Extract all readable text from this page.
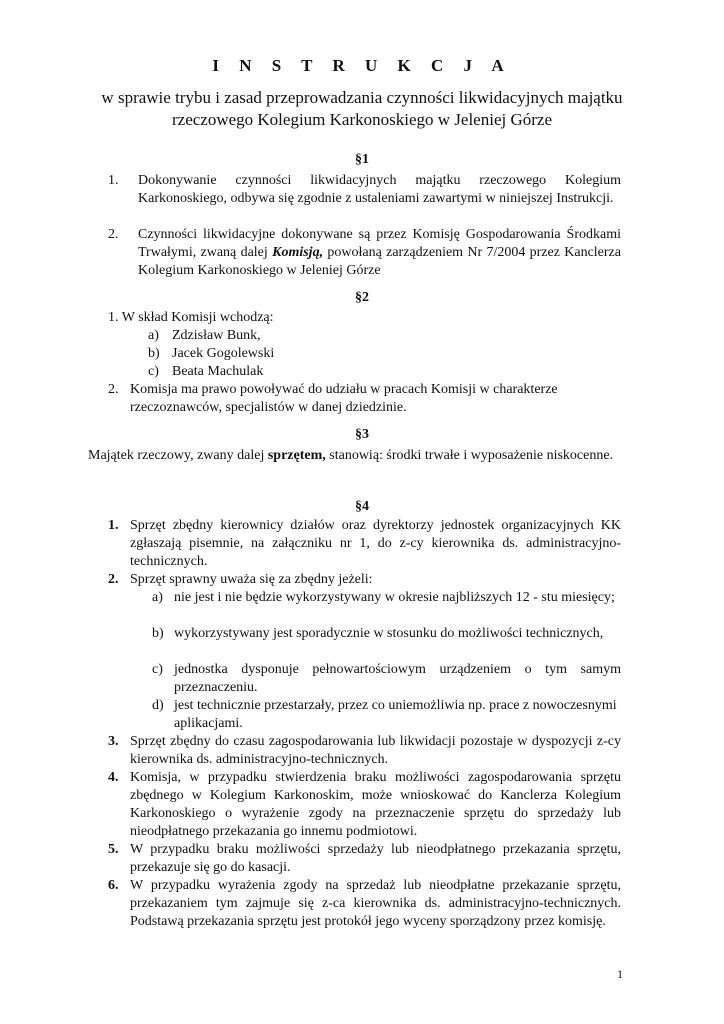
I N S T R U K C J A
w sprawie trybu i zasad przeprowadzania czynności likwidacyjnych majątku rzeczowego Kolegium Karkonoskiego w Jeleniej Górze
§1
1. Dokonywanie czynności likwidacyjnych majątku rzeczowego Kolegium Karkonoskiego, odbywa się zgodnie z ustaleniami zawartymi w niniejszej Instrukcji.
2. Czynności likwidacyjne dokonywane są przez Komisję Gospodarowania Środkami Trwałymi, zwaną dalej Komisją, powołaną zarządzeniem Nr 7/2004 przez Kanclerza Kolegium Karkonoskiego w Jeleniej Górze
§2
1. W skład Komisji wchodzą:
a) Zdzisław Bunk,
b) Jacek Gogolewski
c) Beata Machulak
2. Komisja ma prawo powoływać do udziału w pracach Komisji w charakterze rzeczoznawców, specjalistów w danej dziedzinie.
§3
Majątek rzeczowy, zwany dalej sprzętem, stanowią: środki trwałe i wyposażenie niskocenne.
§4
1. Sprzęt zbędny kierownicy działów oraz dyrektorzy jednostek organizacyjnych KK zgłaszają pisemnie, na załączniku nr 1, do z-cy kierownika ds. administracyjno-technicznych.
2. Sprzęt sprawny uważa się za zbędny jeżeli:
a) nie jest i nie będzie wykorzystywany w okresie najbliższych 12 - stu miesięcy;
b) wykorzystywany jest sporadycznie w stosunku do możliwości technicznych,
c) jednostka dysponuje pełnowartościowym urządzeniem o tym samym przeznaczeniu.
d) jest technicznie przestarzały, przez co uniemożliwia np. prace z nowoczesnymi aplikacjami.
3. Sprzęt zbędny do czasu zagospodarowania lub likwidacji pozostaje w dyspozycji z-cy kierownika ds. administracyjno-technicznych.
4. Komisja, w przypadku stwierdzenia braku możliwości zagospodarowania sprzętu zbędnego w Kolegium Karkonoskim, może wnioskować do Kanclerza Kolegium Karkonoskiego o wyrażenie zgody na przeznaczenie sprzętu do sprzedaży lub nieodpłatnego przekazania go innemu podmiotowi.
5. W przypadku braku możliwości sprzedaży lub nieodpłatnego przekazania sprzętu, przekazuje się go do kasacji.
6. W przypadku wyrażenia zgody na sprzedaż lub nieodpłatne przekazanie sprzętu, przekazaniem tym zajmuje się z-ca kierownika ds. administracyjno-technicznych. Podstawą przekazania sprzętu jest protokół jego wyceny sporządzony przez komisję.
1
